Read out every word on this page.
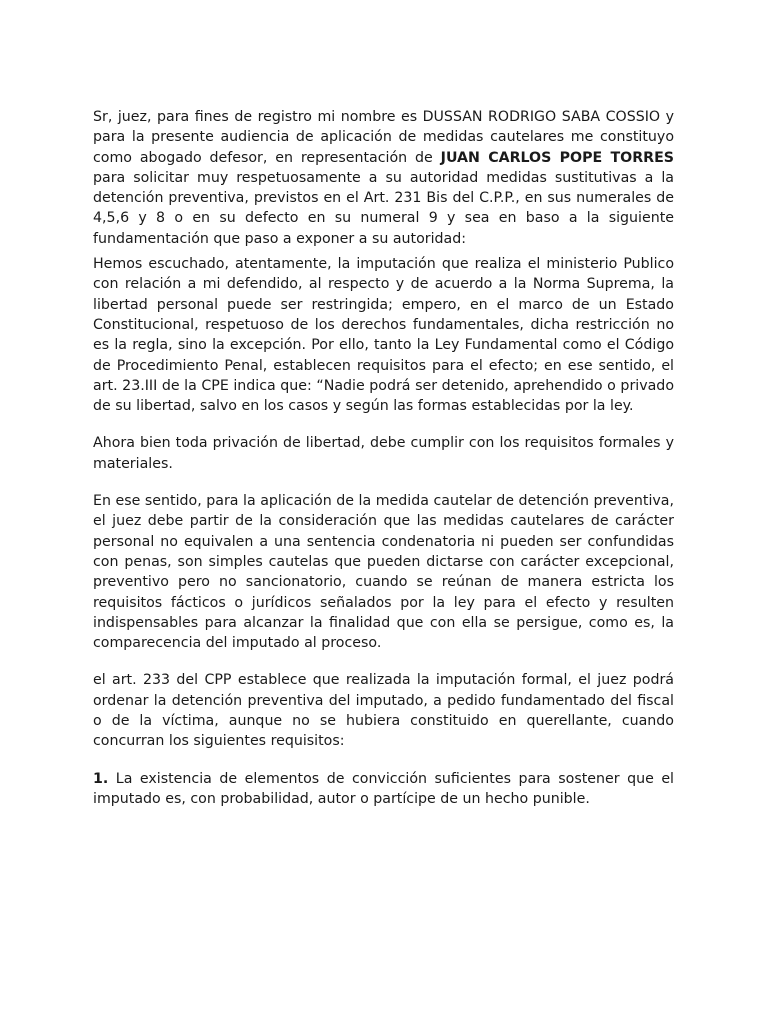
Sr, juez, para fines de registro mi nombre es DUSSAN RODRIGO SABA COSSIO y para la presente audiencia de aplicación de medidas cautelares me constituyo como abogado defesor, en representación de JUAN CARLOS POPE TORRES para solicitar muy respetuosamente a su autoridad medidas sustitutivas a la detención preventiva, previstos en el Art. 231 Bis del C.P.P., en sus numerales de 4,5,6 y 8 o en su defecto en su numeral 9 y sea en baso a la siguiente fundamentación que paso a exponer a su autoridad:

Hemos escuchado, atentamente, la imputación que realiza el ministerio Publico con relación a mi defendido, al respecto y de acuerdo a la Norma Suprema, la libertad personal puede ser restringida; empero, en el marco de un Estado Constitucional, respetuoso de los derechos fundamentales, dicha restricción no es la regla, sino la excepción. Por ello, tanto la Ley Fundamental como el Código de Procedimiento Penal, establecen requisitos para el efecto; en ese sentido, el art. 23.III de la CPE indica que: “Nadie podrá ser detenido, aprehendido o privado de su libertad, salvo en los casos y según las formas establecidas por la ley.

Ahora bien toda privación de libertad, debe cumplir con los requisitos formales y materiales.

En ese sentido, para la aplicación de la medida cautelar de detención preventiva, el juez debe partir de la consideración que las medidas cautelares de carácter personal no equivalen a una sentencia condenatoria ni pueden ser confundidas con penas, son simples cautelas que pueden dictarse con carácter excepcional, preventivo pero no sancionatorio, cuando se reúnan de manera estricta los requisitos fácticos o jurídicos señalados por la ley para el efecto y resulten indispensables para alcanzar la finalidad que con ella se persigue, como es, la comparecencia del imputado al proceso.

el art. 233 del CPP establece que realizada la imputación formal, el juez podrá ordenar la detención preventiva del imputado, a pedido fundamentado del fiscal o de la víctima, aunque no se hubiera constituido en querellante, cuando concurran los siguientes requisitos:

1. La existencia de elementos de convicción suficientes para sostener que el imputado es, con probabilidad, autor o partícipe de un hecho punible.
